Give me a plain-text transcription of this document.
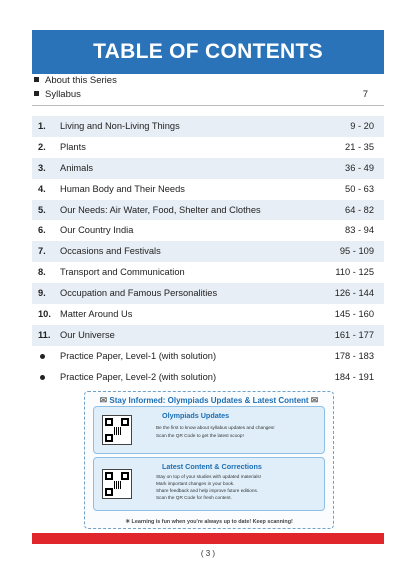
TABLE OF CONTENTS
About this Series
Syllabus	7
1. Living and Non-Living Things	9 - 20
2. Plants	21 - 35
3. Animals	36 - 49
4. Human Body and Their Needs	50 - 63
5. Our Needs: Air Water, Food, Shelter and Clothes	64 - 82
6. Our Country India	83 - 94
7. Occasions and Festivals	95 - 109
8. Transport and Communication	110 - 125
9. Occupation and Famous Personalities	126 - 144
10. Matter Around Us	145 - 160
11. Our Universe	161 - 177
Practice Paper, Level-1 (with solution)	178 - 183
Practice Paper, Level-2 (with solution)	184 - 191
✉ Stay Informed: Olympiads Updates & Latest Content ✉
Olympiads Updates
Be the first to know about syllabus updates and changes!
Scan the QR Code to get the latest scoop!
Latest Content & Corrections
Stay on top of your studies with updated materials!
Mark important changes in your book.
Share feedback and help improve future editions.
Scan the QR Code for fresh content.
☀ Learning is fun when you're always up to date! Keep scanning!
( 3 )
